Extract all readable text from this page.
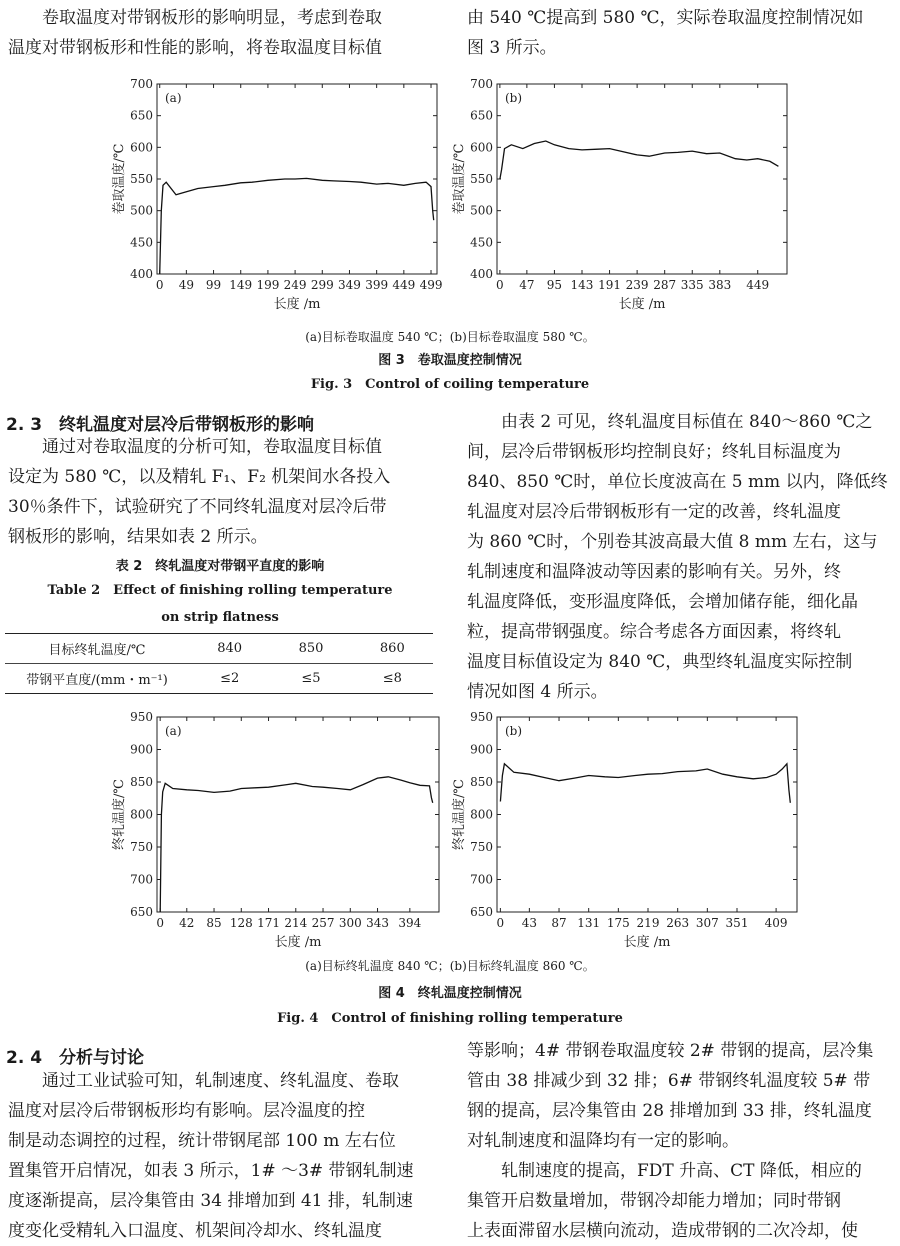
卷取温度对带钢板形的影响明显，考虑到卷取

温度对带钢板形和性能的影响，将卷取温度目标值

由 540 ℃提高到 580 ℃，实际卷取温度控制情况如

图 3 所示。

400
450
500
550
600
650
700
0 49 99 149 199 249 299 349 399 449 499
(a)
长度 /m
卷取温度/℃
400
450
500
550
600
650
700
0 47 95 143 191 239 287 335 383 449
(b)
长度 /m
卷取温度/℃
(a)目标卷取温度 540 ℃；(b)目标卷取温度 580 ℃。
图 3　卷取温度控制情况
Fig. 3　Control of coiling temperature
2. 3　终轧温度对层冷后带钢板形的影响

通过对卷取温度的分析可知，卷取温度目标值

设定为 580 ℃，以及精轧 F₁、F₂ 机架间水各投入

30％条件下，试验研究了不同终轧温度对层冷后带

钢板形的影响，结果如表 2 所示。

由表 2 可见，终轧温度目标值在 840～860 ℃之

间，层冷后带钢板形均控制良好；终轧目标温度为

840、850 ℃时，单位长度波高在 5 mm 以内，降低终

轧温度对层冷后带钢板形有一定的改善，终轧温度

为 860 ℃时，个别卷其波高最大值 8 mm 左右，这与

轧制速度和温降波动等因素的影响有关。另外，终

轧温度降低，变形温度降低，会增加储存能，细化晶

粒，提高带钢强度。综合考虑各方面因素，将终轧

温度目标值设定为 840 ℃，典型终轧温度实际控制

情况如图 4 所示。

表 2　终轧温度对带钢平直度的影响
Table 2　Effect of finishing rolling temperature
on strip flatness
目标终轧温度/℃	840	850	860
带钢平直度/(mm・m⁻¹)	≤2	≤5	≤8
650
700
750
800
850
900
950
0 42 85 128 171 214 257 300 343 394
(a)
长度 /m
终轧温度/℃
650
700
750
800
850
900
950
0 43 87 131 175 219 263 307 351 409
(b)
长度 /m
终轧温度/℃
(a)目标终轧温度 840 ℃；(b)目标终轧温度 860 ℃。
图 4　终轧温度控制情况
Fig. 4　Control of finishing rolling temperature
2. 4　分析与讨论

通过工业试验可知，轧制速度、终轧温度、卷取

温度对层冷后带钢板形均有影响。层冷温度的控

制是动态调控的过程，统计带钢尾部 100 m 左右位

置集管开启情况，如表 3 所示，1# ～3# 带钢轧制速

度逐渐提高，层冷集管由 34 排增加到 41 排，轧制速

度变化受精轧入口温度、机架间冷却水、终轧温度

等影响；4# 带钢卷取温度较 2# 带钢的提高，层冷集

管由 38 排减少到 32 排；6# 带钢终轧温度较 5# 带

钢的提高，层冷集管由 28 排增加到 33 排，终轧温度

对轧制速度和温降均有一定的影响。

轧制速度的提高，FDT 升高、CT 降低，相应的

集管开启数量增加，带钢冷却能力增加；同时带钢

上表面滞留水层横向流动，造成带钢的二次冷却，使
